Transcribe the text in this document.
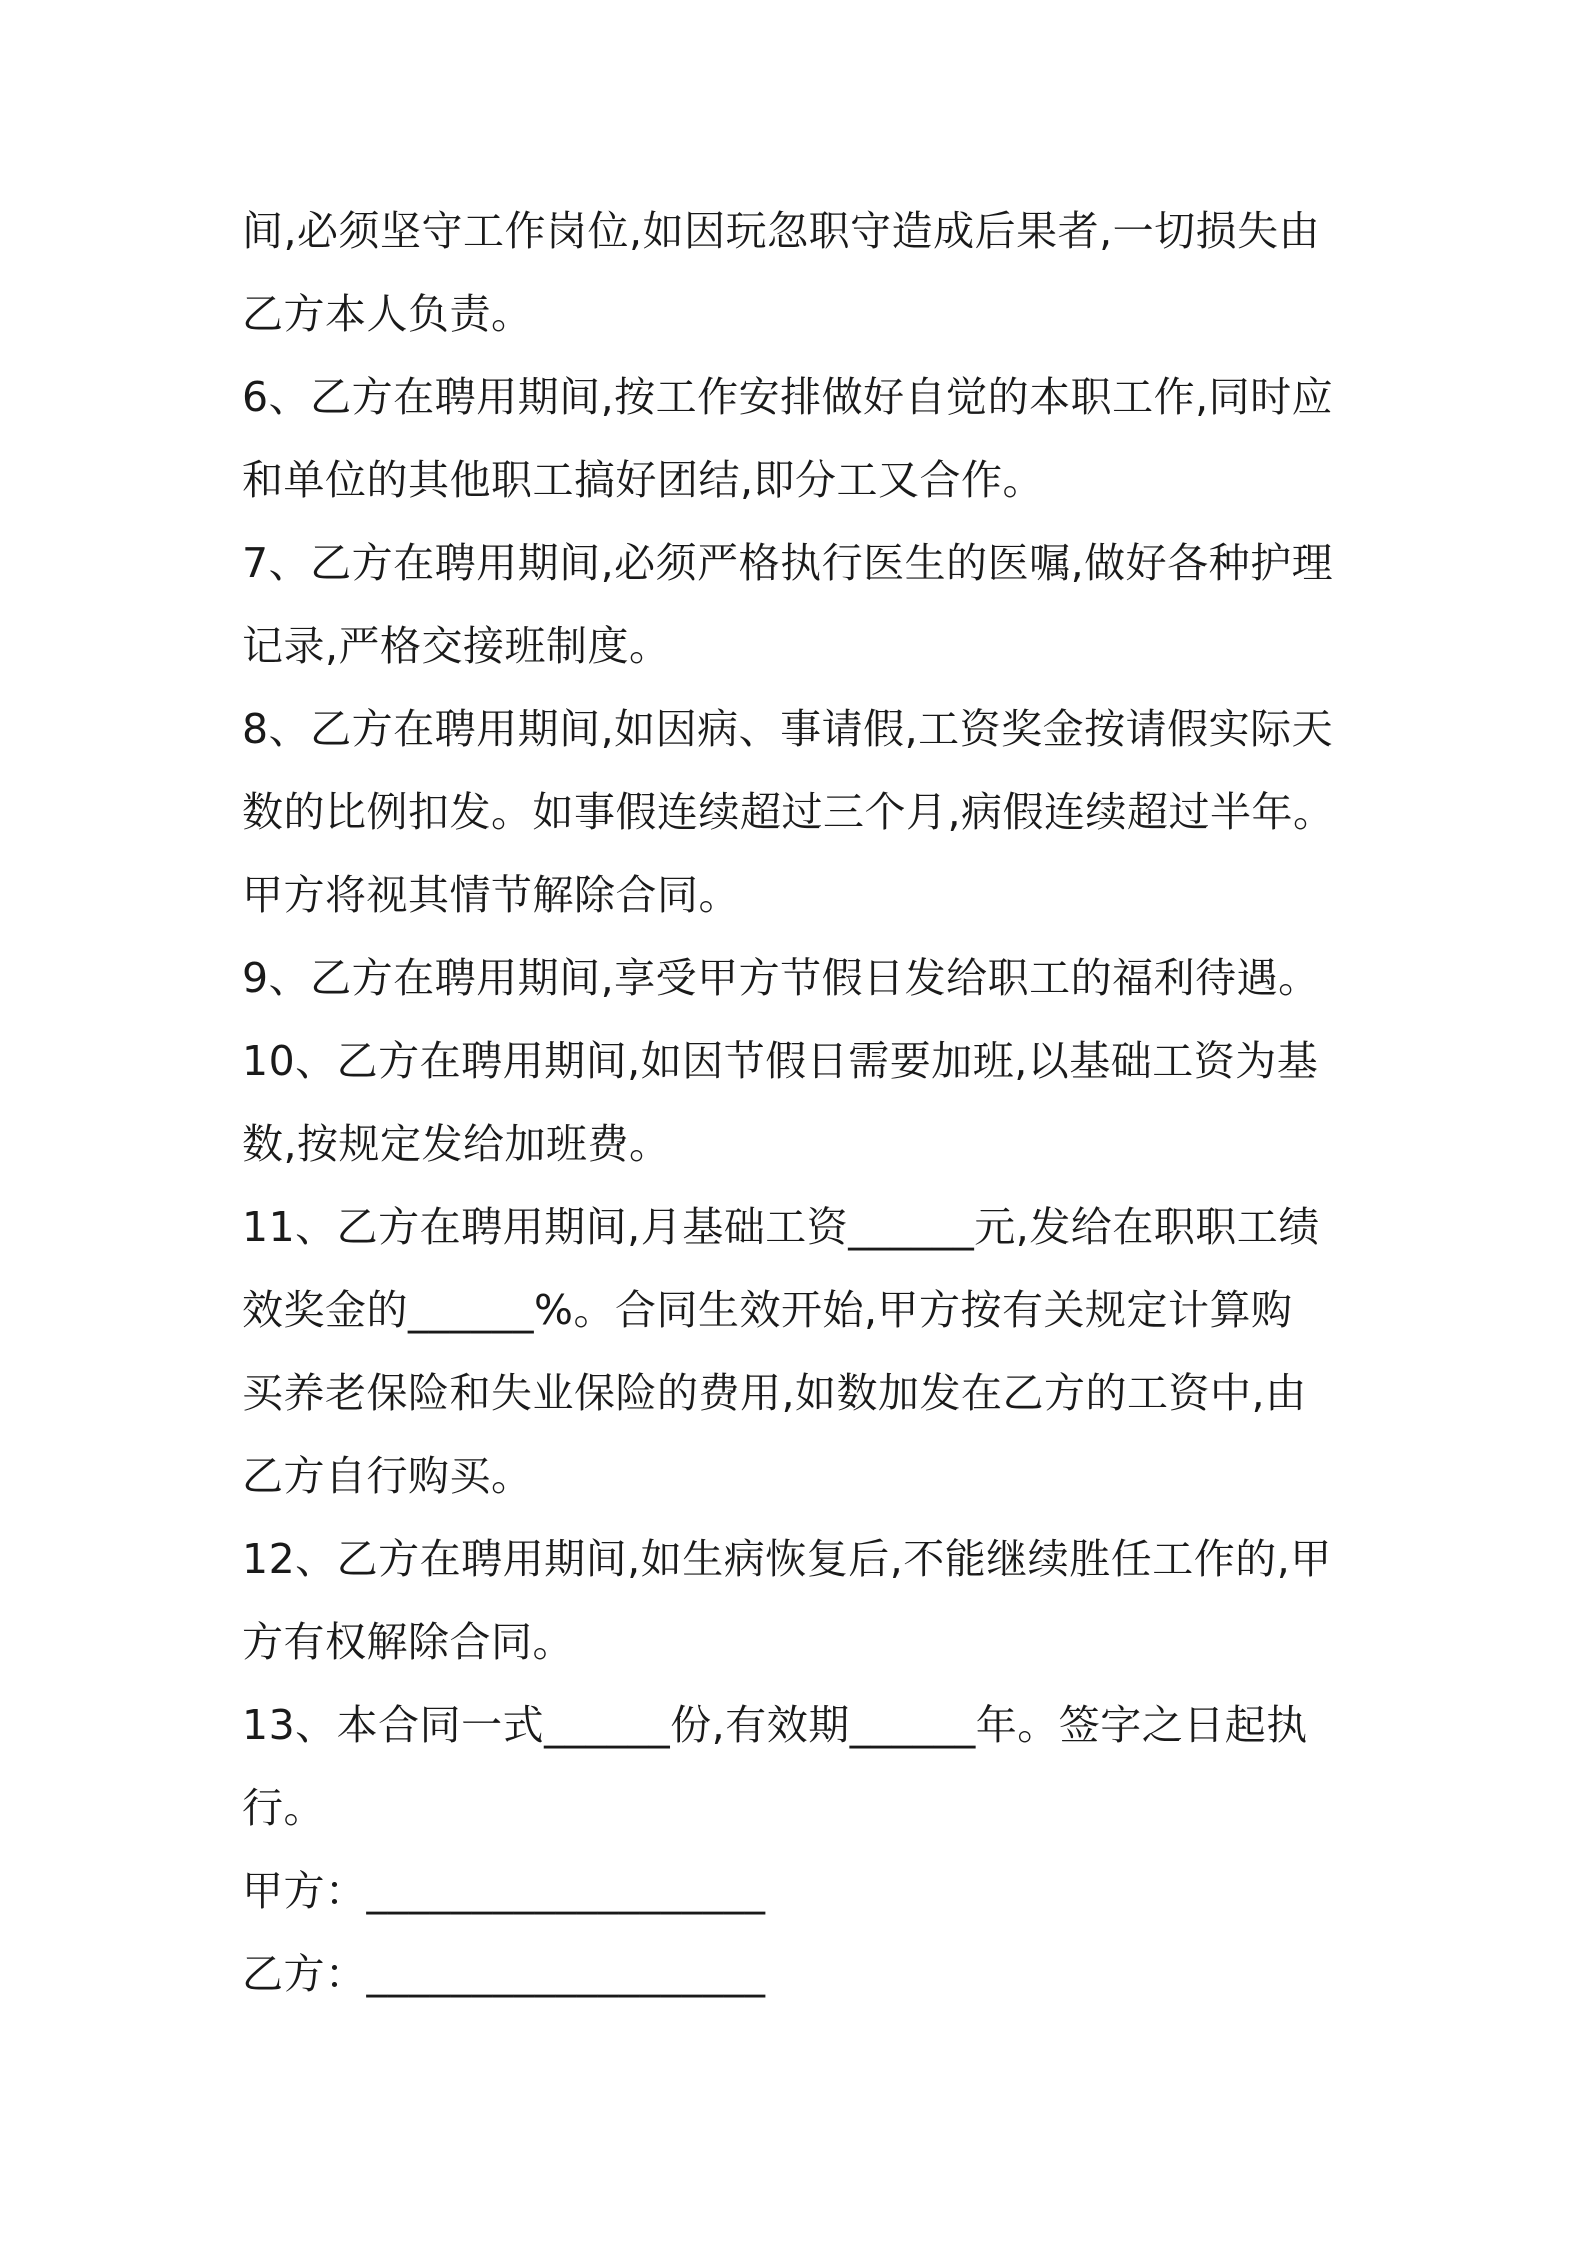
间,必须坚守工作岗位,如因玩忽职守造成后果者,一切损失由
乙方本人负责。
6、乙方在聘用期间,按工作安排做好自觉的本职工作,同时应
和单位的其他职工搞好团结,即分工又合作。
7、乙方在聘用期间,必须严格执行医生的医嘱,做好各种护理
记录,严格交接班制度。
8、乙方在聘用期间,如因病、事请假,工资奖金按请假实际天
数的比例扣发。如事假连续超过三个月,病假连续超过半年。
甲方将视其情节解除合同。
9、乙方在聘用期间,享受甲方节假日发给职工的福利待遇。
10、乙方在聘用期间,如因节假日需要加班,以基础工资为基
数,按规定发给加班费。
11、乙方在聘用期间,月基础工资______元,发给在职职工绩
效奖金的______%。合同生效开始,甲方按有关规定计算购
买养老保险和失业保险的费用,如数加发在乙方的工资中,由
乙方自行购买。
12、乙方在聘用期间,如生病恢复后,不能继续胜任工作的,甲
方有权解除合同。
13、本合同一式______份,有效期______年。签字之日起执
行。
甲方：___________________
乙方：___________________
